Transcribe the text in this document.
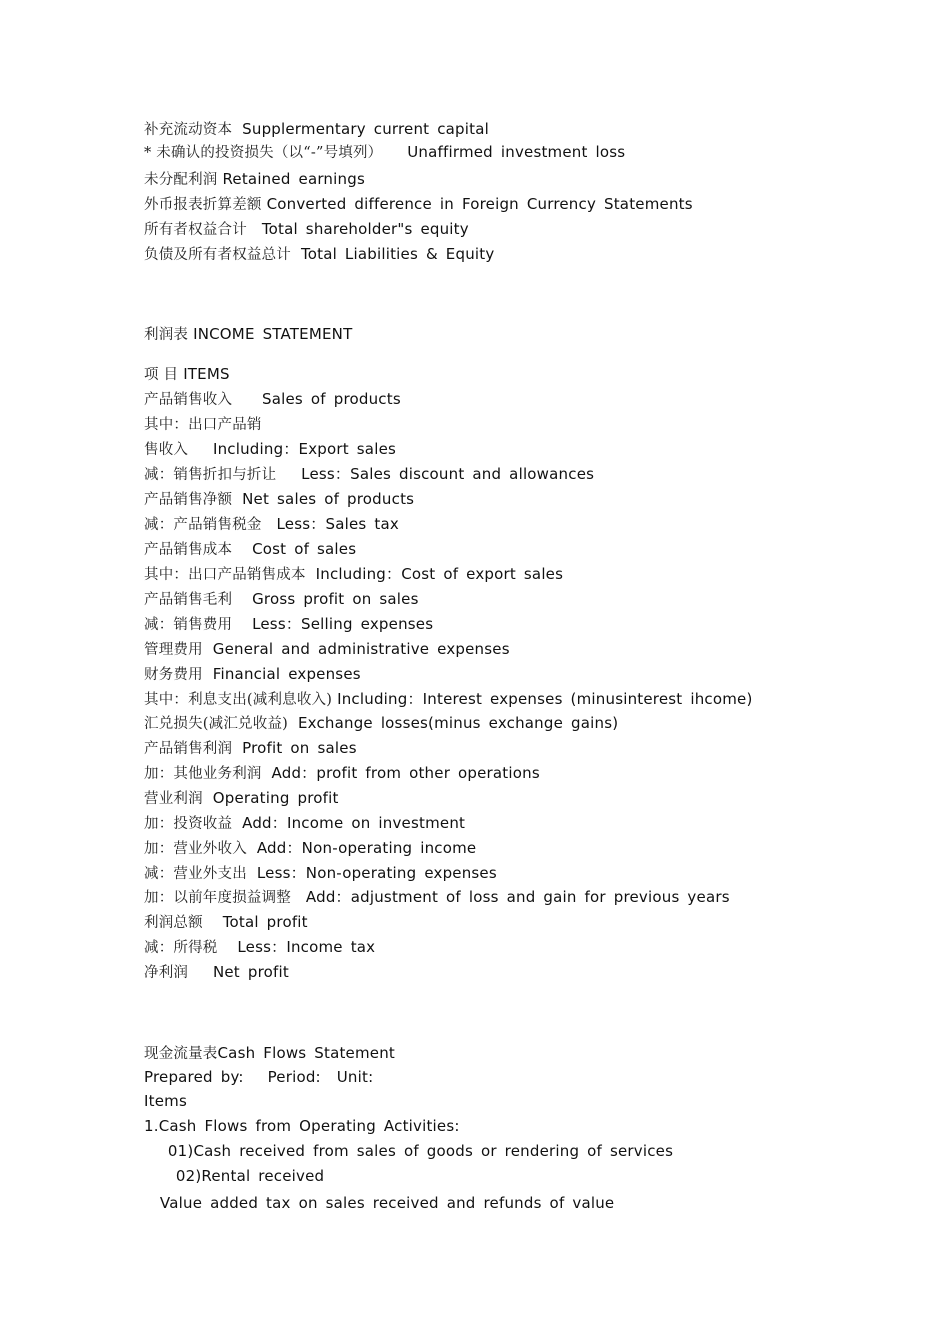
补充流动资本 Supplermentary current capital
* 未确认的投资损失（以“-”号填列） Unaffirmed investment loss
未分配利润 Retained earnings
外币报表折算差额 Converted difference in Foreign Currency Statements
所有者权益合计 Total shareholder"s equity
负债及所有者权益总计 Total Liabilities & Equity
利润表 INCOME STATEMENT
项 目 ITEMS
产品销售收入 Sales of products
其中：出口产品销
售收入 Including：Export sales
减：销售折扣与折让 Less：Sales discount and allowances
产品销售净额 Net sales of products
减：产品销售税金 Less：Sales tax
产品销售成本 Cost of sales
其中：出口产品销售成本 Including：Cost of export sales
产品销售毛利 Gross profit on sales
减：销售费用 Less：Selling expenses
管理费用 General and administrative expenses
财务费用 Financial expenses
其中：利息支出(减利息收入) Including：Interest expenses (minusinterest ihcome)
汇兑损失(减汇兑收益) Exchange losses(minus exchange gains)
产品销售利润 Profit on sales
加：其他业务利润 Add：profit from other operations
营业利润 Operating profit
加：投资收益 Add：Income on investment
加：营业外收入 Add：Non-operating income
减：营业外支出 Less：Non-operating expenses
加：以前年度损益调整 Add：adjustment of loss and gain for previous years
利润总额 Total profit
减：所得税 Less：Income tax
净利润 Net profit
现金流量表Cash Flows Statement
Prepared by:   Period:  Unit:
Items
1.Cash Flows from Operating Activities:
01)Cash received from sales of goods or rendering of services
02)Rental received
Value added tax on sales received and refunds of value
